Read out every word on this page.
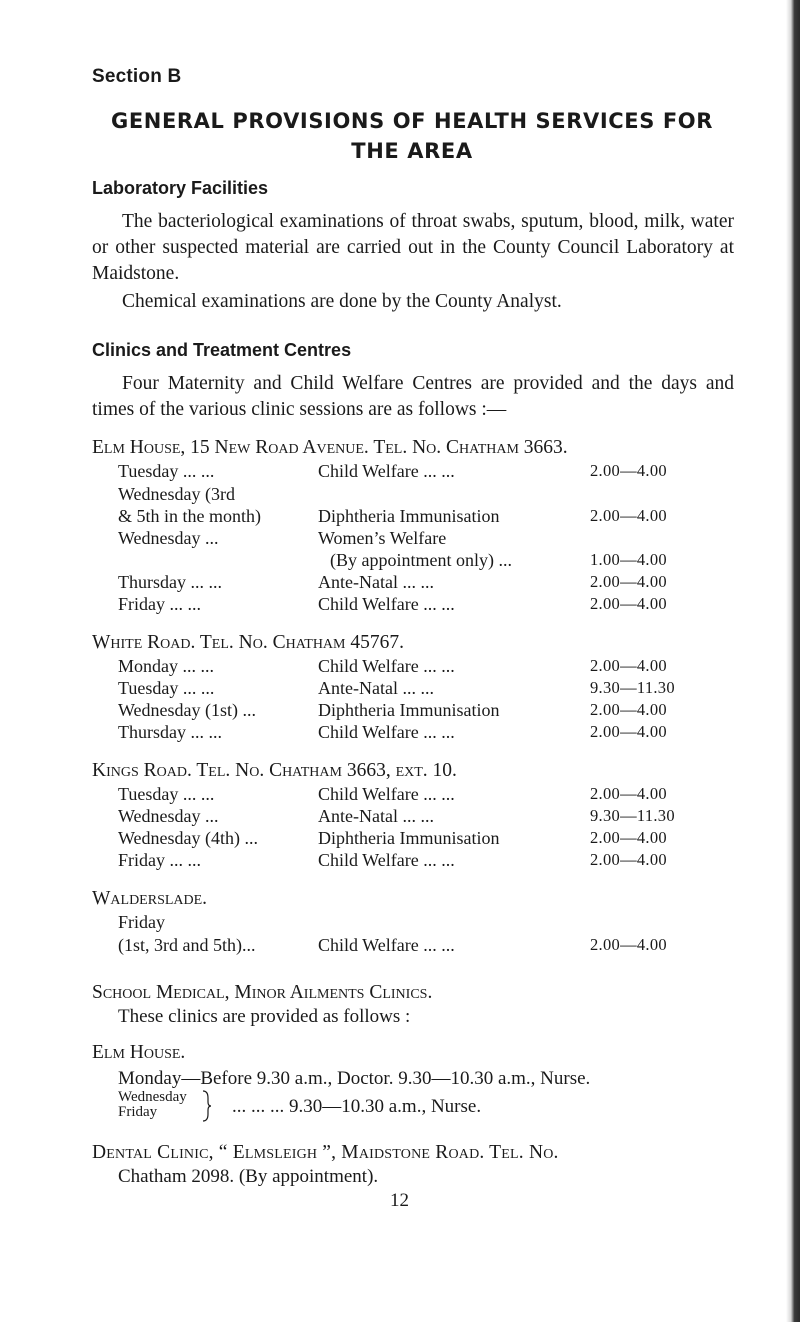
Section B
GENERAL PROVISIONS OF HEALTH SERVICES FOR
THE AREA
Laboratory Facilities
The bacteriological examinations of throat swabs, sputum, blood, milk, water or other suspected material are carried out in the County Council Laboratory at Maidstone.
Chemical examinations are done by the County Analyst.
Clinics and Treatment Centres
Four Maternity and Child Welfare Centres are provided and the days and times of the various clinic sessions are as follows :—
Elm House, 15 New Road Avenue. Tel. No. Chatham 3663.
Tuesday ... ...	Child Welfare ... ...	2.00—4.00
Wednesday (3rd
& 5th in the month)	Diphtheria Immunisation	2.00—4.00
Wednesday ...	Women’s Welfare
(By appointment only) ...	1.00—4.00
Thursday ... ...	Ante-Natal ... ...	2.00—4.00
Friday ... ...	Child Welfare ... ...	2.00—4.00
White Road. Tel. No. Chatham 45767.
Monday ... ...	Child Welfare ... ...	2.00—4.00
Tuesday ... ...	Ante-Natal ... ...	9.30—11.30
Wednesday (1st) ...	Diphtheria Immunisation	2.00—4.00
Thursday ... ...	Child Welfare ... ...	2.00—4.00
Kings Road. Tel. No. Chatham 3663, ext. 10.
Tuesday ... ...	Child Welfare ... ...	2.00—4.00
Wednesday ...	Ante-Natal ... ...	9.30—11.30
Wednesday (4th) ...	Diphtheria Immunisation	2.00—4.00
Friday ... ...	Child Welfare ... ...	2.00—4.00
Walderslade.
Friday
(1st, 3rd and 5th)...	Child Welfare ... ...	2.00—4.00
School Medical, Minor Ailments Clinics.
These clinics are provided as follows :
Elm House.
Monday—Before 9.30 a.m., Doctor. 9.30—10.30 a.m., Nurse.
Wednesday
Friday	... ... ... 9.30—10.30 a.m., Nurse.
Dental Clinic, “ Elmsleigh ”, Maidstone Road. Tel. No.
Chatham 2098. (By appointment).
12
